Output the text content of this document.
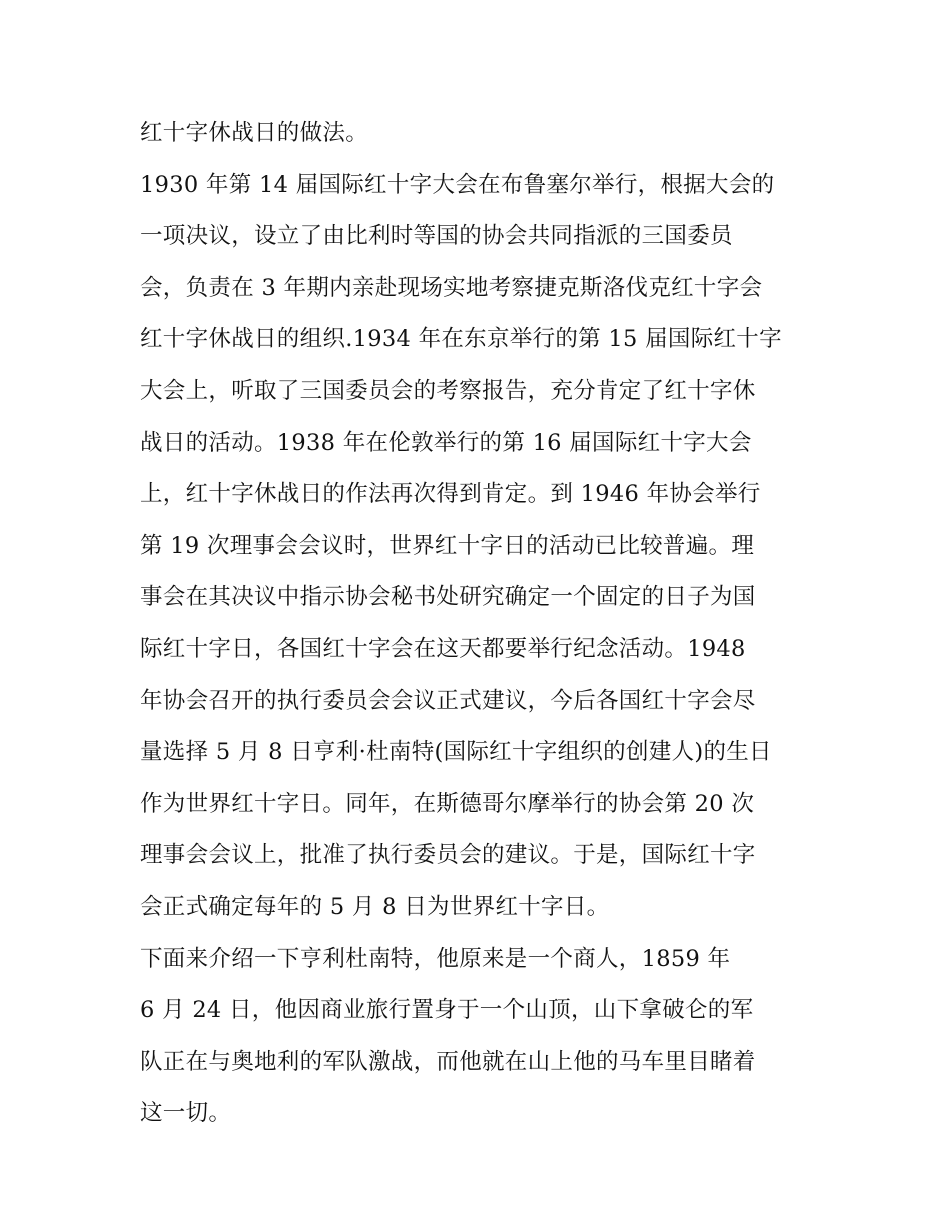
红十字休战日的做法。
1930 年第 14 届国际红十字大会在布鲁塞尔举行，根据大会的
一项决议，设立了由比利时等国的协会共同指派的三国委员
会，负责在 3 年期内亲赴现场实地考察捷克斯洛伐克红十字会
红十字休战日的组织.1934 年在东京举行的第 15 届国际红十字
大会上，听取了三国委员会的考察报告，充分肯定了红十字休
战日的活动。1938 年在伦敦举行的第 16 届国际红十字大会
上，红十字休战日的作法再次得到肯定。到 1946 年协会举行
第 19 次理事会会议时，世界红十字日的活动已比较普遍。理
事会在其决议中指示协会秘书处研究确定一个固定的日子为国
际红十字日，各国红十字会在这天都要举行纪念活动。1948
年协会召开的执行委员会会议正式建议，今后各国红十字会尽
量选择 5 月 8 日亨利·杜南特(国际红十字组织的创建人)的生日
作为世界红十字日。同年，在斯德哥尔摩举行的协会第 20 次
理事会会议上，批准了执行委员会的建议。于是，国际红十字
会正式确定每年的 5 月 8 日为世界红十字日。
下面来介绍一下亨利杜南特，他原来是一个商人，1859 年
6 月 24 日，他因商业旅行置身于一个山顶，山下拿破仑的军
队正在与奥地利的军队激战，而他就在山上他的马车里目睹着
这一切。
